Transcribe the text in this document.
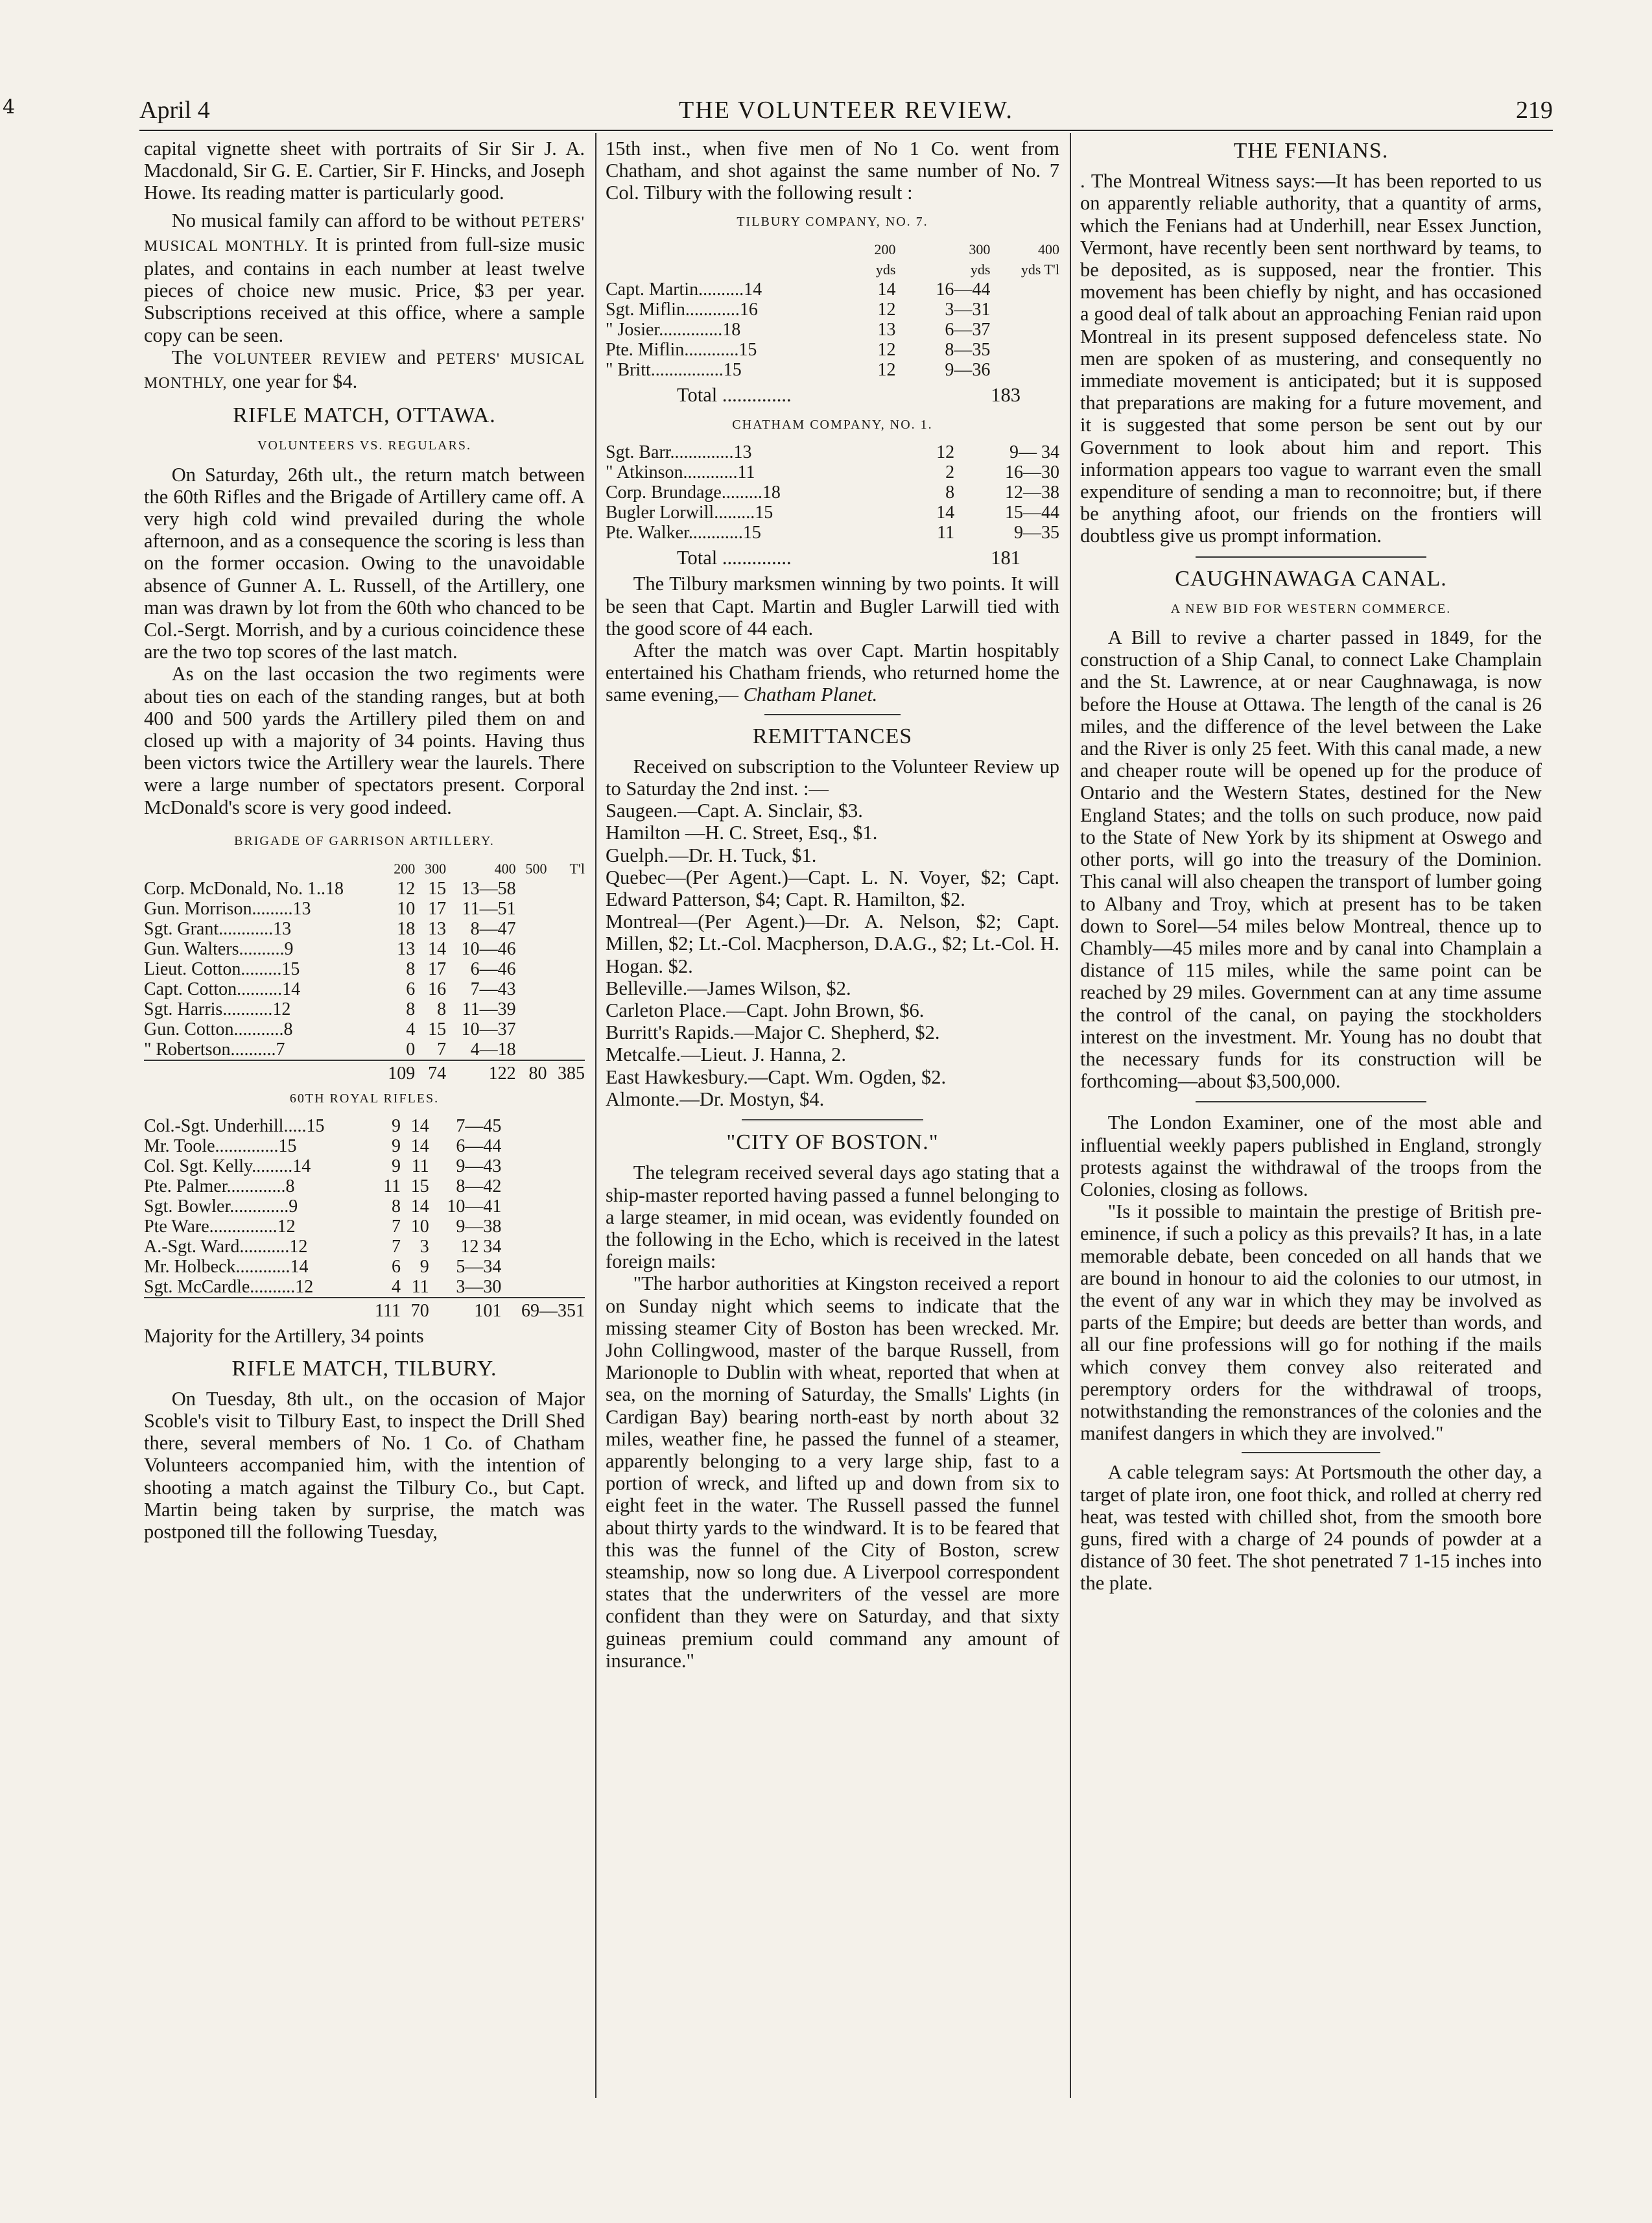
4	April 4	THE VOLUNTEER REVIEW.	219

capital vignette sheet with portraits of Sir Sir J. A. Macdonald, Sir G. E. Cartier, Sir F. Hincks, and Joseph Howe. Its reading matter is particularly good.

No musical family can afford to be without PETERS' MUSICAL MONTHLY. It is printed from full-size music plates, and contains in each number at least twelve pieces of choice new music. Price, $3 per year. Subscriptions received at this office, where a sample copy can be seen.

The VOLUNTEER REVIEW and PETERS' MUSICAL MONTHLY, one year for $4.

RIFLE MATCH, OTTAWA.
VOLUNTEERS VS. REGULARS.

On Saturday, 26th ult., the return match between the 60th Rifles and the Brigade of Artillery came off. A very high cold wind prevailed during the whole afternoon, and as a consequence the scoring is less than on the former occasion. Owing to the unavoidable absence of Gunner A. L. Russell, of the Artillery, one man was drawn by lot from the 60th who chanced to be Col.-Sergt. Morrish, and by a curious coincidence these are the two top scores of the last match.

As on the last occasion the two regiments were about ties on each of the standing ranges, but at both 400 and 500 yards the Artillery piled them on and closed up with a majority of 34 points. Having thus been victors twice the Artillery wear the laurels. There were a large number of spectators present. Corporal McDonald's score is very good indeed.

BRIGADE OF GARRISON ARTILLERY.
	200	300	400	500	T'l
Corp. McDonald, No. 1..18	12	15	13—58		
Gun. Morrison.........13	10	17	11—51		
Sgt. Grant............13	18	13	8—47		
Gun. Walters..........9	13	14	10—46		
Lieut. Cotton.........15	8	17	6—46		
Capt. Cotton..........14	6	16	7—43		
Sgt. Harris...........12	8	8	11—39		
Gun. Cotton...........8	4	15	10—37		
" Robertson..........7	0	7	4—18		
	109	74	122	80	385
60TH ROYAL RIFLES.
Col.-Sgt. Underhill.....15	9	14	7—45	
Mr. Toole..............15	9	14	6—44	
Col. Sgt. Kelly.........14	9	11	9—43	
Pte. Palmer.............8	11	15	8—42	
Sgt. Bowler.............9	8	14	10—41	
Pte Ware...............12	7	10	9—38	
A.-Sgt. Ward...........12	7	3	12 34	
Mr. Holbeck............14	6	9	5—34	
Sgt. McCardle..........12	4	11	3—30	
	111	70	101	69—351

Majority for the Artillery, 34 points

RIFLE MATCH, TILBURY.

On Tuesday, 8th ult., on the occasion of Major Scoble's visit to Tilbury East, to inspect the Drill Shed there, several members of No. 1 Co. of Chatham Volunteers accompanied him, with the intention of shooting a match against the Tilbury Co., but Capt. Martin being taken by surprise, the match was postponed till the following Tuesday,

15th inst., when five men of No 1 Co. went from Chatham, and shot against the same number of No. 7 Col. Tilbury with the following result :

TILBURY COMPANY, NO. 7.
	200	300	400
	yds	yds	yds T'l
Capt. Martin..........14	14	16—44	
Sgt. Miflin............16	12	3—31	
" Josier..............18	13	6—37	
Pte. Miflin............15	12	8—35	
" Britt................15	12	9—36	
Total ..............	183
CHATHAM COMPANY, NO. 1.
Sgt. Barr..............13	12	9— 34
" Atkinson............11	2	16—30
Corp. Brundage.........18	8	12—38
Bugler Lorwill.........15	14	15—44
Pte. Walker............15	11	9—35
Total ..............	181

The Tilbury marksmen winning by two points. It will be seen that Capt. Martin and Bugler Larwill tied with the good score of 44 each.

After the match was over Capt. Martin hospitably entertained his Chatham friends, who returned home the same evening,— Chatham Planet.

REMITTANCES

Received on subscription to the Volunteer Review up to Saturday the 2nd inst. :—

Saugeen.—Capt. A. Sinclair, $3.

Hamilton —H. C. Street, Esq., $1.

Guelph.—Dr. H. Tuck, $1.

Quebec—(Per Agent.)—Capt. L. N. Voyer, $2; Capt. Edward Patterson, $4; Capt. R. Hamilton, $2.

Montreal—(Per Agent.)—Dr. A. Nelson, $2; Capt. Millen, $2; Lt.-Col. Macpherson, D.A.G., $2; Lt.-Col. H. Hogan. $2.

Belleville.—James Wilson, $2.

Carleton Place.—Capt. John Brown, $6.

Burritt's Rapids.—Major C. Shepherd, $2.

Metcalfe.—Lieut. J. Hanna, 2.

East Hawkesbury.—Capt. Wm. Ogden, $2.

Almonte.—Dr. Mostyn, $4.

"CITY OF BOSTON."

The telegram received several days ago stating that a ship-master reported having passed a funnel belonging to a large steamer, in mid ocean, was evidently founded on the following in the Echo, which is received in the latest foreign mails:

"The harbor authorities at Kingston received a report on Sunday night which seems to indicate that the missing steamer City of Boston has been wrecked. Mr. John Collingwood, master of the barque Russell, from Marionople to Dublin with wheat, reported that when at sea, on the morning of Saturday, the Smalls' Lights (in Cardigan Bay) bearing north-east by north about 32 miles, weather fine, he passed the funnel of a steamer, apparently belonging to a very large ship, fast to a portion of wreck, and lifted up and down from six to eight feet in the water. The Russell passed the funnel about thirty yards to the windward. It is to be feared that this was the funnel of the City of Boston, screw steamship, now so long due. A Liverpool correspondent states that the underwriters of the vessel are more confident than they were on Saturday, and that sixty guineas premium could command any amount of insurance."

THE FENIANS.

. The Montreal Witness says:—It has been reported to us on apparently reliable authority, that a quantity of arms, which the Fenians had at Underhill, near Essex Junction, Vermont, have recently been sent northward by teams, to be deposited, as is supposed, near the frontier. This movement has been chiefly by night, and has occasioned a good deal of talk about an approaching Fenian raid upon Montreal in its present supposed defenceless state. No men are spoken of as mustering, and consequently no immediate movement is anticipated; but it is supposed that preparations are making for a future movement, and it is suggested that some person be sent out by our Government to look about him and report. This information appears too vague to warrant even the small expenditure of sending a man to reconnoitre; but, if there be anything afoot, our friends on the frontiers will doubtless give us prompt information.

CAUGHNAWAGA CANAL.
A NEW BID FOR WESTERN COMMERCE.

A Bill to revive a charter passed in 1849, for the construction of a Ship Canal, to connect Lake Champlain and the St. Lawrence, at or near Caughnawaga, is now before the House at Ottawa. The length of the canal is 26 miles, and the difference of the level between the Lake and the River is only 25 feet. With this canal made, a new and cheaper route will be opened up for the produce of Ontario and the Western States, destined for the New England States; and the tolls on such produce, now paid to the State of New York by its shipment at Oswego and other ports, will go into the treasury of the Dominion. This canal will also cheapen the transport of lumber going to Albany and Troy, which at present has to be taken down to Sorel—54 miles below Montreal, thence up to Chambly—45 miles more and by canal into Champlain a distance of 115 miles, while the same point can be reached by 29 miles. Government can at any time assume the control of the canal, on paying the stockholders interest on the investment. Mr. Young has no doubt that the necessary funds for its construction will be forthcoming—about $3,500,000.

The London Examiner, one of the most able and influential weekly papers published in England, strongly protests against the withdrawal of the troops from the Colonies, closing as follows.

"Is it possible to maintain the prestige of British pre-eminence, if such a policy as this prevails? It has, in a late memorable debate, been conceded on all hands that we are bound in honour to aid the colonies to our utmost, in the event of any war in which they may be involved as parts of the Empire; but deeds are better than words, and all our fine professions will go for nothing if the mails which convey them convey also reiterated and peremptory orders for the withdrawal of troops, notwithstanding the remonstrances of the colonies and the manifest dangers in which they are involved."

A cable telegram says: At Portsmouth the other day, a target of plate iron, one foot thick, and rolled at cherry red heat, was tested with chilled shot, from the smooth bore guns, fired with a charge of 24 pounds of powder at a distance of 30 feet. The shot penetrated 7 1-15 inches into the plate.
